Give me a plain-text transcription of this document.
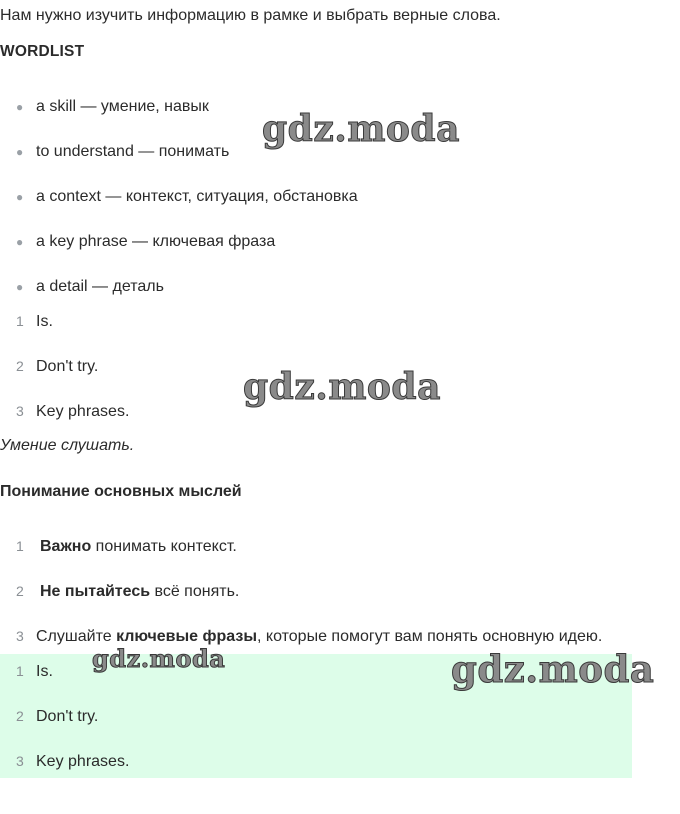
Нам нужно изучить информацию в рамке и выбрать верные слова.
WORDLIST
● a skill — умение, навык
● to understand — понимать
● a context — контекст, ситуация, обстановка
● a key phrase — ключевая фраза
● a detail — деталь
1 Is.
2 Don't try.
3 Key phrases.
Умение слушать.
Понимание основных мыслей
1 Важно понимать контекст.
2 Не пытайтесь всё понять.
3 Слушайте ключевые фразы, которые помогут вам понять основную идею.
1 Is.
2 Don't try.
3 Key phrases.
gdz.moda
gdz.moda
gdz.moda	gdz.moda
